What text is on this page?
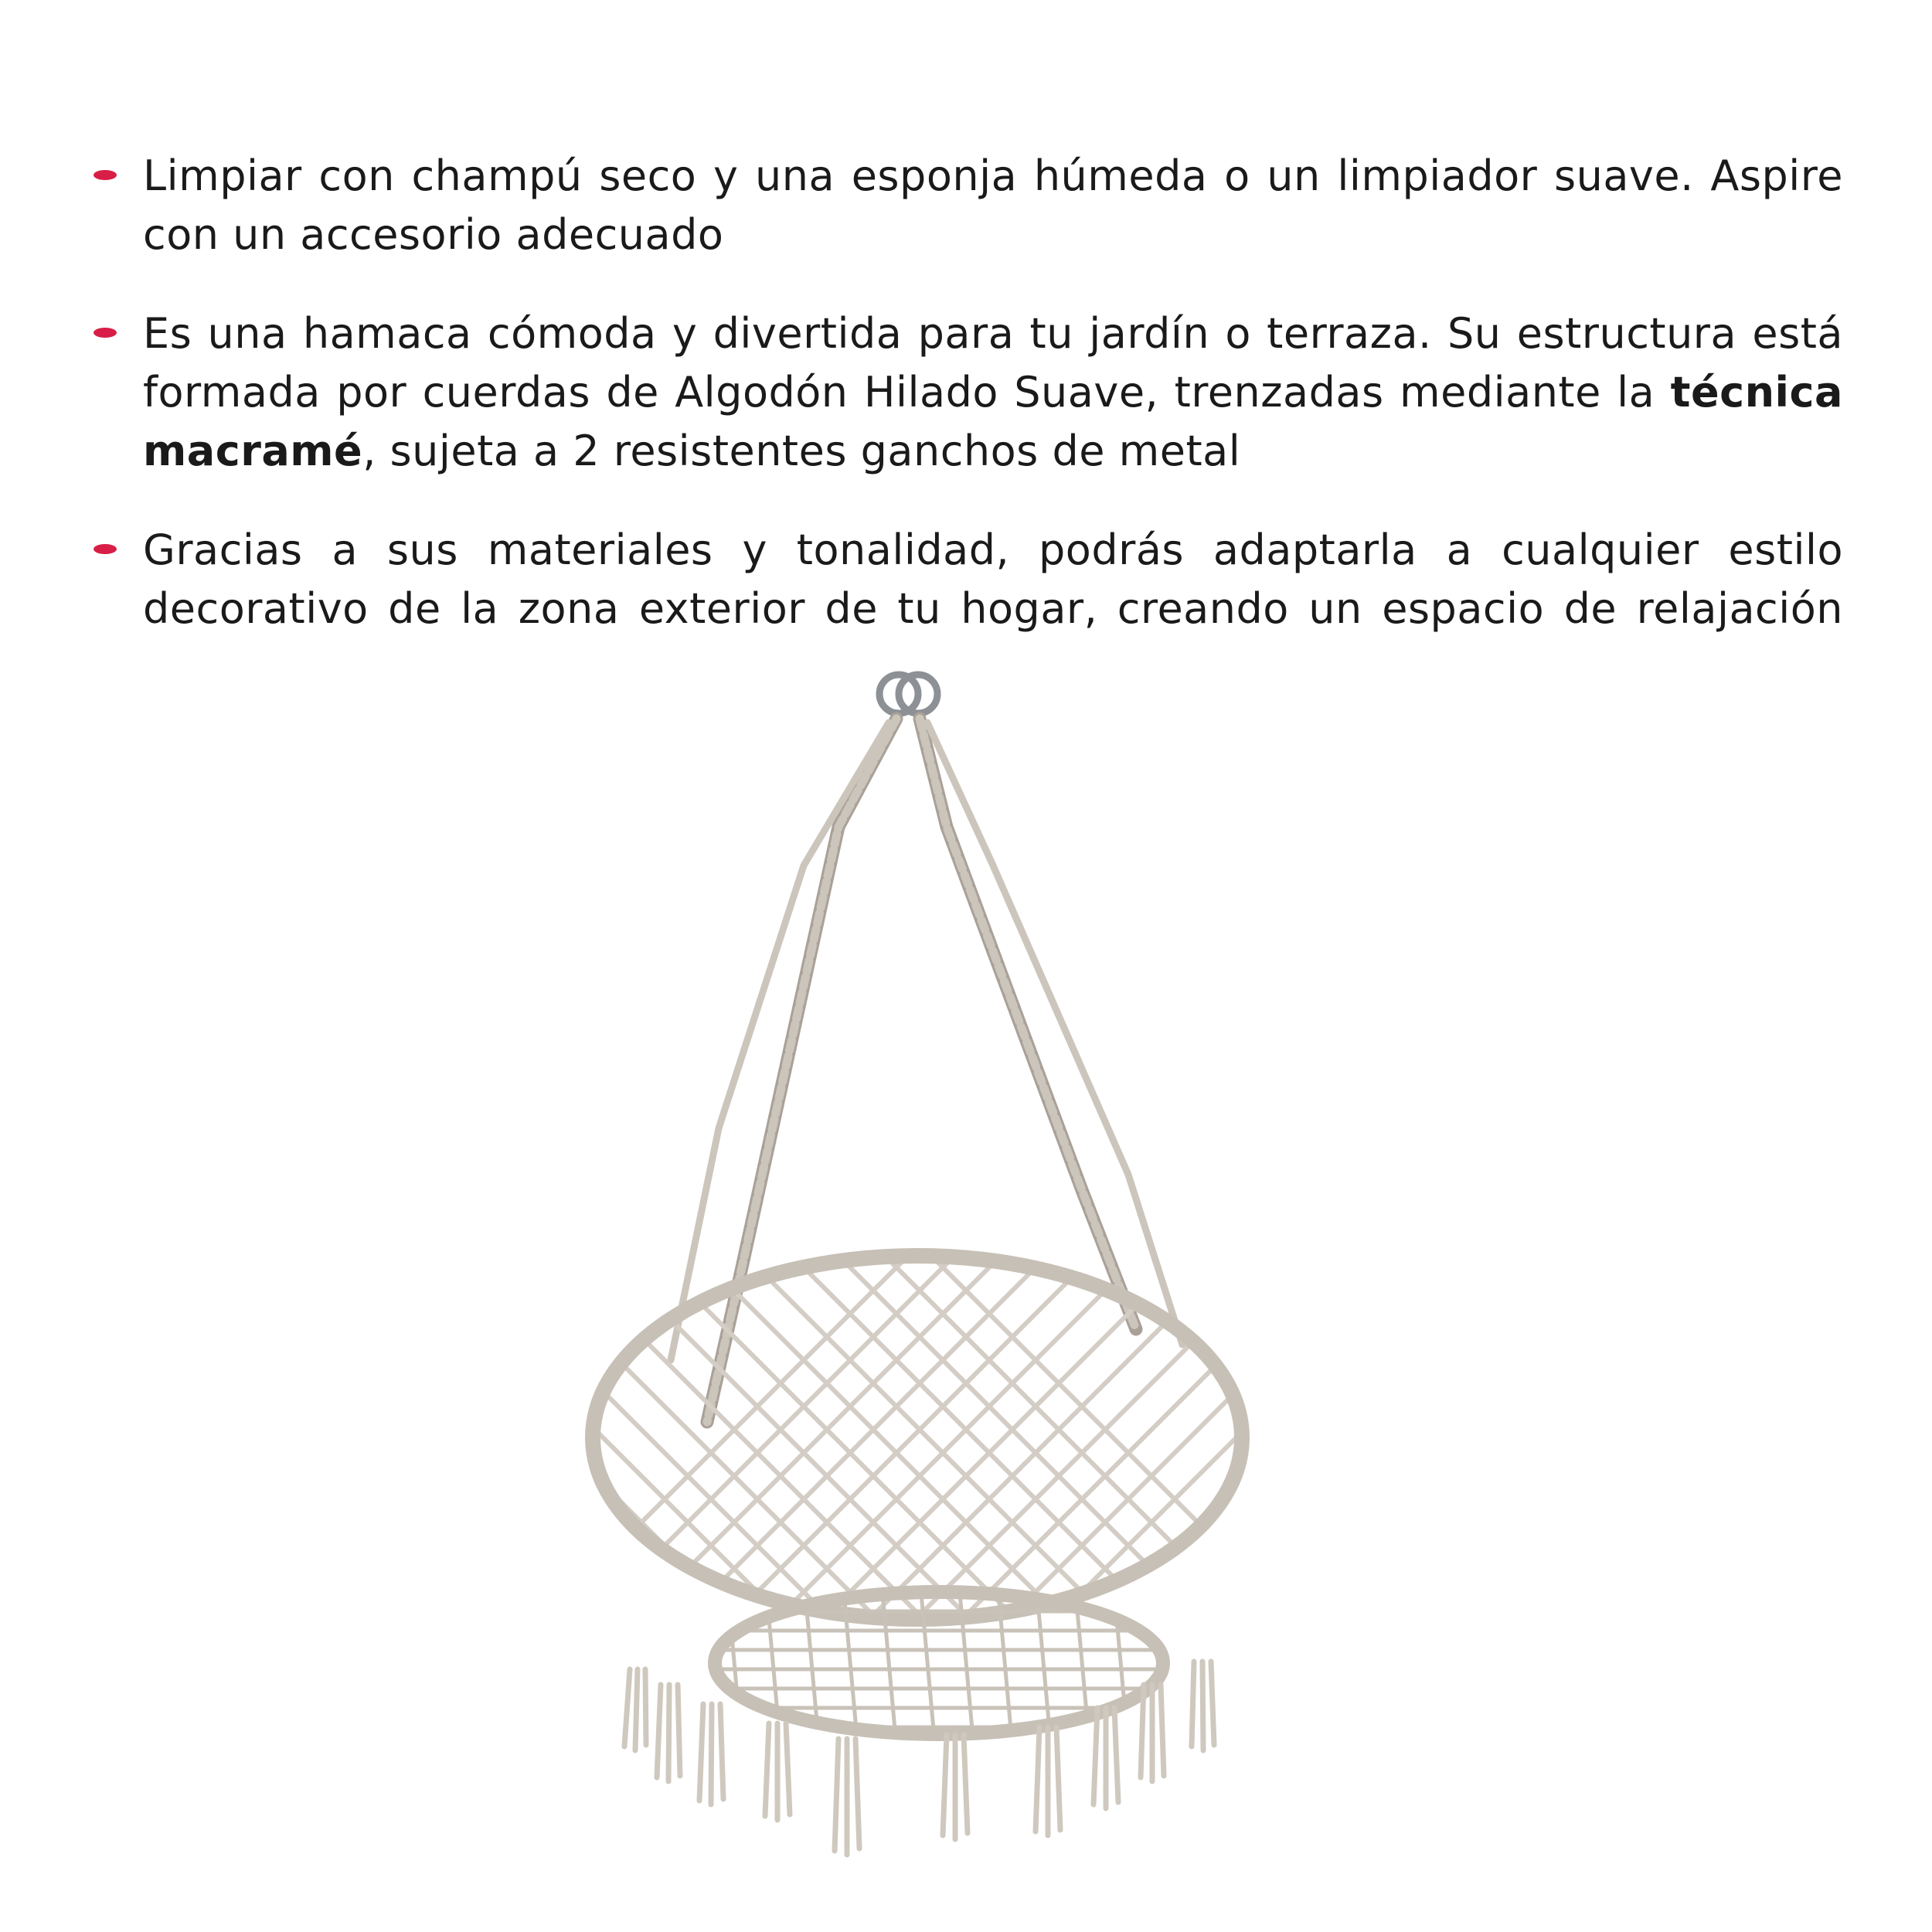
Limpiar con champú seco y una esponja húmeda o un limpiador suave. Aspire con un accesorio adecuado
Es una hamaca cómoda y divertida para tu jardín o terraza. Su estructura está formada por cuerdas de Algodón Hilado Suave, trenzadas mediante la técnica macramé, sujeta a 2 resistentes ganchos de metal
Gracias a sus materiales y tonalidad, podrás adaptarla a cualquier estilo decorativo de la zona exterior de tu hogar, creando un espacio de relajación
